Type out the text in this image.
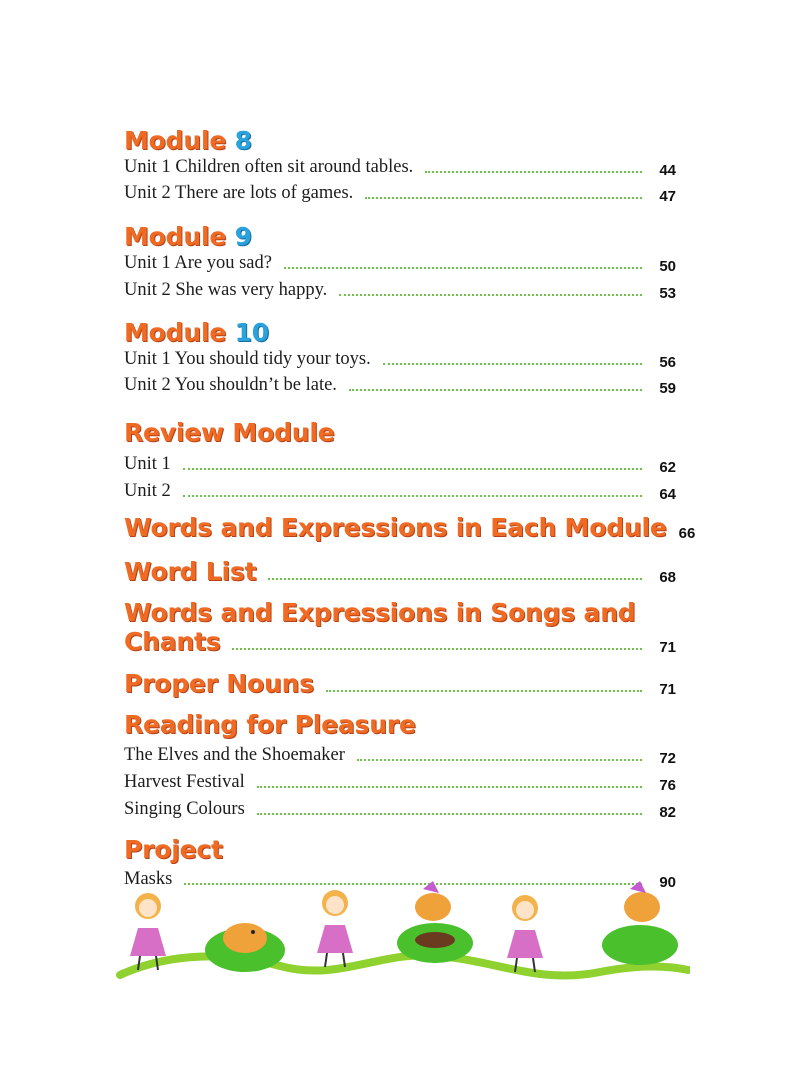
Module 8
Unit 1 Children often sit around tables.	44
Unit 2 There are lots of games.	47
Module 9
Unit 1 Are you sad?	50
Unit 2 She was very happy.	53
Module 10
Unit 1 You should tidy your toys.	56
Unit 2 You shouldn’t be late.	59
Review Module
Unit 1	62
Unit 2	64
Words and Expressions in Each Module 66
Word List	68
Words and Expressions in Songs and
Chants	71
Proper Nouns	71
Reading for Pleasure
The Elves and the Shoemaker	72
Harvest Festival	76
Singing Colours	82
Project
Masks	90
